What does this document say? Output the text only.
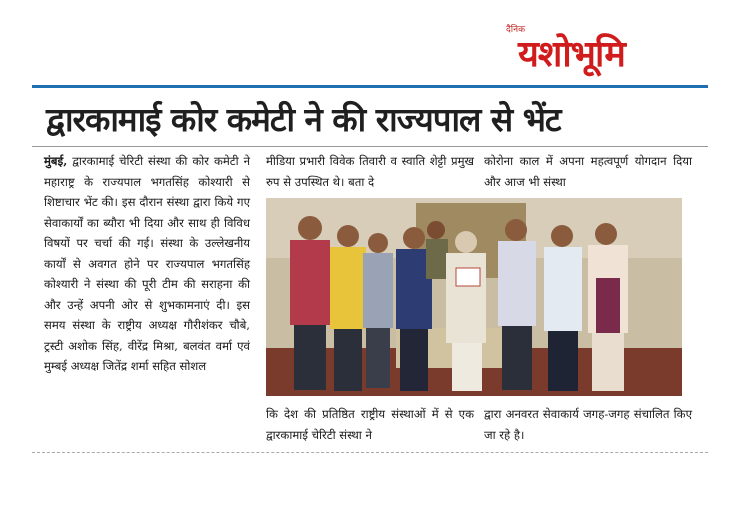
दैनिक
यशोभूमि
द्वारकामाई कोर कमेटी ने की राज्यपाल से भेंट
मुंबई, द्वारकामाई चेरिटी संस्था की कोर कमेटी ने महाराष्ट्र के राज्यपाल भगतसिंह कोश्यारी से शिष्टाचार भेंट की। इस दौरान संस्था द्वारा किये गए सेवाकार्यों का ब्यौरा भी दिया और साथ ही विविध विषयों पर चर्चा की गई। संस्था के उल्लेखनीय कार्यों से अवगत होने पर राज्यपाल भगतसिंह कोश्यारी ने संस्था की पूरी टीम की सराहना की और उन्हें अपनी ओर से शुभकामनाएं दी। इस समय संस्था के राष्ट्रीय अध्यक्ष गौरीशंकर चौबे, ट्रस्टी अशोक सिंह, वीरेंद्र मिश्रा, बलवंत वर्मा एवं मुम्बई अध्यक्ष जितेंद्र शर्मा सहित सोशल
मीडिया प्रभारी विवेक तिवारी व स्वाति शेट्टी प्रमुख रुप से उपस्थित थे। बता दे
कोरोना काल में अपना महत्वपूर्ण योगदान दिया और आज भी संस्था
कि देश की प्रतिष्ठित राष्ट्रीय संस्थाओं में से एक द्वारकामाई चेरिटी संस्था ने
द्वारा अनवरत सेवाकार्य जगह-जगह संचालित किए जा रहे है।
